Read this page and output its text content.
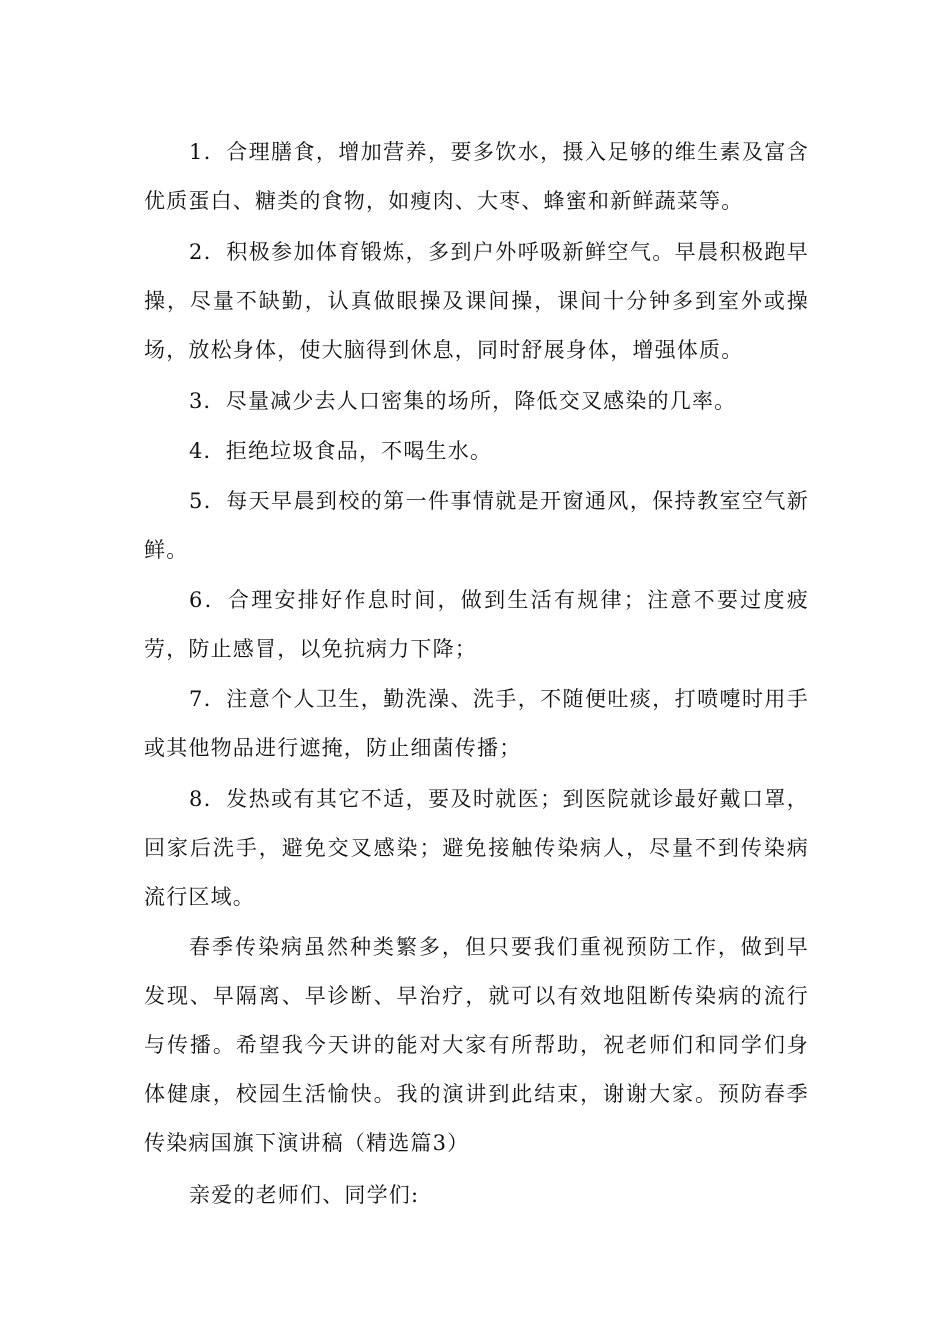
1．合理膳食，增加营养，要多饮水，摄入足够的维生素及富含优质蛋白、糖类的食物，如瘦肉、大枣、蜂蜜和新鲜蔬菜等。

2．积极参加体育锻炼，多到户外呼吸新鲜空气。早晨积极跑早操，尽量不缺勤，认真做眼操及课间操，课间十分钟多到室外或操场，放松身体，使大脑得到休息，同时舒展身体，增强体质。

3．尽量减少去人口密集的场所，降低交叉感染的几率。

4．拒绝垃圾食品，不喝生水。

5．每天早晨到校的第一件事情就是开窗通风，保持教室空气新鲜。

6．合理安排好作息时间，做到生活有规律；注意不要过度疲劳，防止感冒，以免抗病力下降；

7．注意个人卫生，勤洗澡、洗手，不随便吐痰，打喷嚏时用手或其他物品进行遮掩，防止细菌传播；

8．发热或有其它不适，要及时就医；到医院就诊最好戴口罩，回家后洗手，避免交叉感染；避免接触传染病人，尽量不到传染病流行区域。

春季传染病虽然种类繁多，但只要我们重视预防工作，做到早发现、早隔离、早诊断、早治疗，就可以有效地阻断传染病的流行与传播。希望我今天讲的能对大家有所帮助，祝老师们和同学们身体健康，校园生活愉快。我的演讲到此结束，谢谢大家。预防春季传染病国旗下演讲稿（精选篇3）

亲爱的老师们、同学们:
